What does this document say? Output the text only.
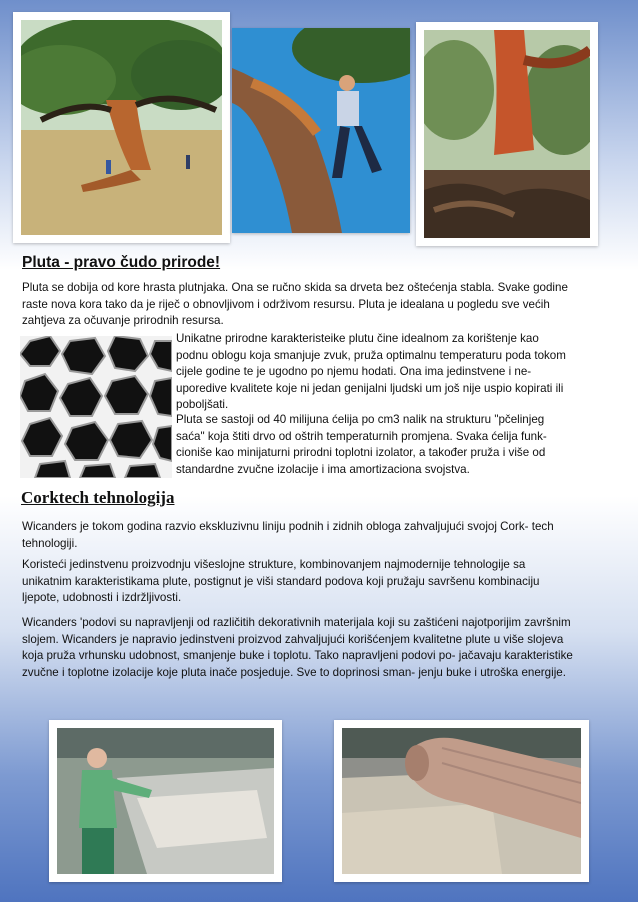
Pluta - pravo čudo prirode!

Pluta se dobija od kore hrasta plutnjaka. Ona se ručno skida sa drveta bez oštećenja stabla. Svake godine raste nova kora tako da je riječ o obnovljivom i održivom resursu. Pluta je idealana u pogledu sve većih zahtjeva za očuvanje prirodnih resursa.

Unikatne prirodne karakteristeike plutu čine idealnom za korištenje kao podnu oblogu koja smanjuje zvuk, pruža optimalnu temperaturu poda tokom cijele godine te je ugodno po njemu hodati. Ona ima jedinstvene i ne- uporedive kvalitete koje ni jedan genijalni ljudski um još nije uspio kopirati ili poboljšati.

Pluta se sastoji od 40 milijuna ćelija po cm3 nalik na strukturu "pčelinjeg saća" koja štiti drvo od oštrih temperaturnih promjena. Svaka ćelija funk- cioniše kao minijaturni prirodni toplotni izolator, a također pruža i više od standardne zvučne izolacije i ima amortizaciona svojstva.

Corktech tehnologija

Wicanders je tokom godina razvio ekskluzivnu liniju podnih i zidnih obloga zahvaljujući svojoj Cork- tech tehnologiji.

Koristeći jedinstvenu proizvodnju višeslojne strukture, kombinovanjem najmodernije tehnologije sa unikatnim karakteristikama plute, postignut je viši standard podova koji pružaju savršenu kombinaciju ljepote, udobnosti i izdržljivosti.

Wicanders 'podovi su napravljenji od različitih dekorativnih materijala koji su zaštićeni najotporijim završnim slojem. Wicanders je napravio jedinstveni proizvod zahvaljujući korišćenjem kvalitetne plute u više slojeva koja pruža vrhunsku udobnost, smanjenje buke i toplotu. Tako napravljeni podovi po- jačavaju karakteristike zvučne i toplotne izolacije koje pluta inače posjeduje. Sve to doprinosi sman- jenju buke i utroška energije.
